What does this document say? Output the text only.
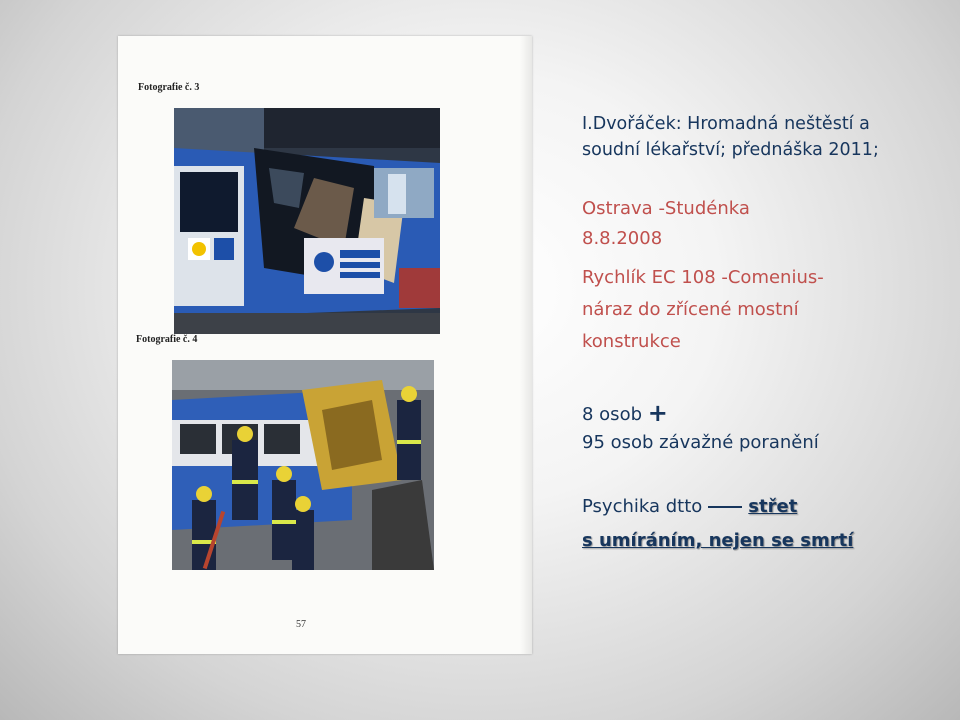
Fotografie č. 3
Fotografie č. 4
57
I.Dvořáček: Hromadná neštěstí a
soudní lékařství; přednáška 2011;
Ostrava -Studénka
8.8.2008
Rychlík EC 108 -Comenius-
náraz do zřícené mostní
konstrukce
8 osob +
95 osob závažné poranění
Psychika dtto	střet
s umíráním, nejen se smrtí
